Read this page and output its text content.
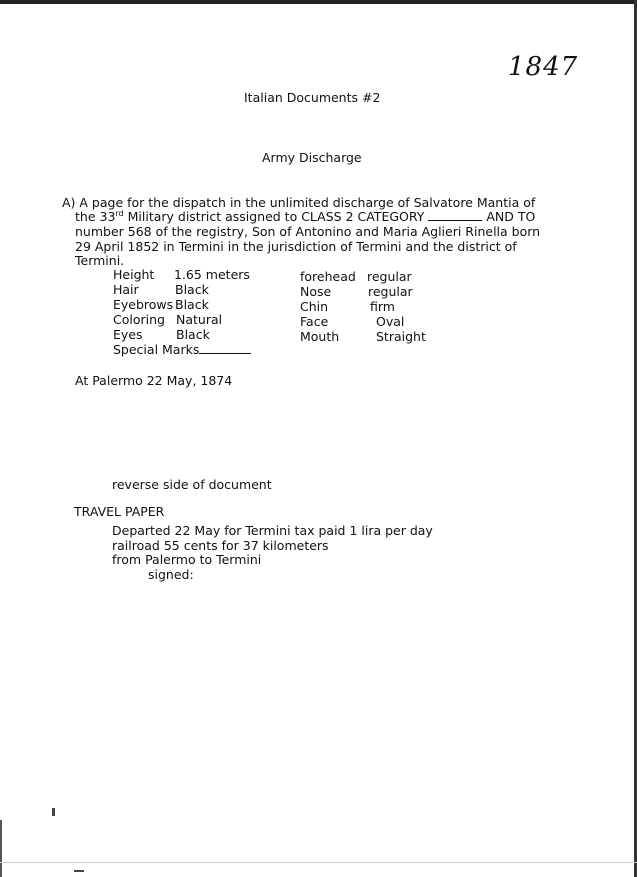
1847
Italian Documents #2
Army Discharge
A) A page for the dispatch in the unlimited discharge of Salvatore Mantia of
the 33rd Military district assigned to CLASS 2 CATEGORY	AND TO
number 568 of the registry, Son of Antonino and Maria Aglieri Rinella born
29 April 1852 in Termini in the jurisdiction of Termini and the district of
Termini.
Height 1.65 meters
Hair	Black
Eyebrows Black
Coloring Natural
Eyes	Black
Special Marks
forehead regular
Nose	regular
Chin	firm
Face	Oval
Mouth	Straight
At Palermo 22 May, 1874
reverse side of document
TRAVEL PAPER
Departed 22 May for Termini tax paid 1 lira per day
railroad 55 cents for 37 kilometers
from Palermo to Termini
signed:
